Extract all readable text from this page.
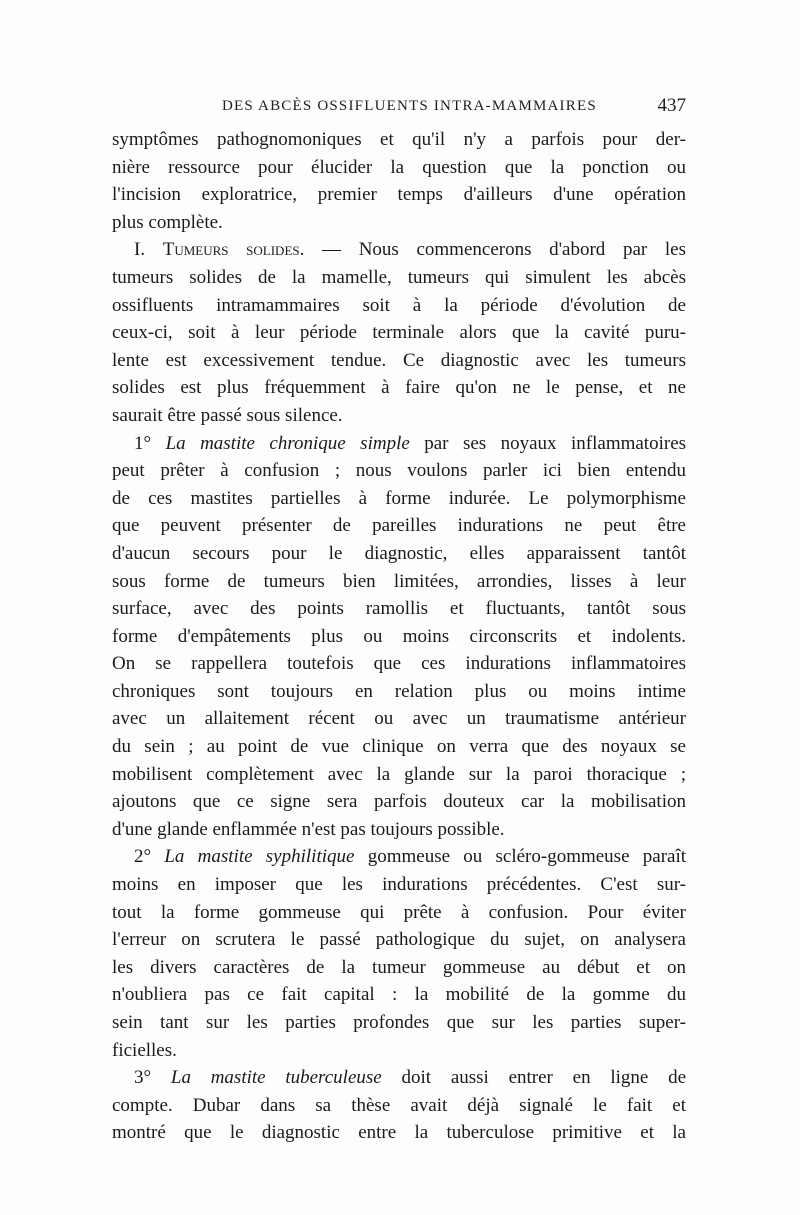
DES ABCÈS OSSIFLUENTS INTRA-MAMMAIRES	437
symptômes pathognomoniques et qu'il n'y a parfois pour der-
nière ressource pour élucider la question que la ponction ou
l'incision exploratrice, premier temps d'ailleurs d'une opération
plus complète.
I. Tumeurs solides. — Nous commencerons d'abord par les
tumeurs solides de la mamelle, tumeurs qui simulent les abcès
ossifluents intramammaires soit à la période d'évolution de
ceux-ci, soit à leur période terminale alors que la cavité puru-
lente est excessivement tendue. Ce diagnostic avec les tumeurs
solides est plus fréquemment à faire qu'on ne le pense, et ne
saurait être passé sous silence.
1° La mastite chronique simple par ses noyaux inflammatoires
peut prêter à confusion ; nous voulons parler ici bien entendu
de ces mastites partielles à forme indurée. Le polymorphisme
que peuvent présenter de pareilles indurations ne peut être
d'aucun secours pour le diagnostic, elles apparaissent tantôt
sous forme de tumeurs bien limitées, arrondies, lisses à leur
surface, avec des points ramollis et fluctuants, tantôt sous
forme d'empâtements plus ou moins circonscrits et indolents.
On se rappellera toutefois que ces indurations inflammatoires
chroniques sont toujours en relation plus ou moins intime
avec un allaitement récent ou avec un traumatisme antérieur
du sein ; au point de vue clinique on verra que des noyaux se
mobilisent complètement avec la glande sur la paroi thoracique ;
ajoutons que ce signe sera parfois douteux car la mobilisation
d'une glande enflammée n'est pas toujours possible.
2° La mastite syphilitique gommeuse ou scléro-gommeuse paraît
moins en imposer que les indurations précédentes. C'est sur-
tout la forme gommeuse qui prête à confusion. Pour éviter
l'erreur on scrutera le passé pathologique du sujet, on analysera
les divers caractères de la tumeur gommeuse au début et on
n'oubliera pas ce fait capital : la mobilité de la gomme du
sein tant sur les parties profondes que sur les parties super-
ficielles.
3° La mastite tuberculeuse doit aussi entrer en ligne de
compte. Dubar dans sa thèse avait déjà signalé le fait et
montré que le diagnostic entre la tuberculose primitive et la
